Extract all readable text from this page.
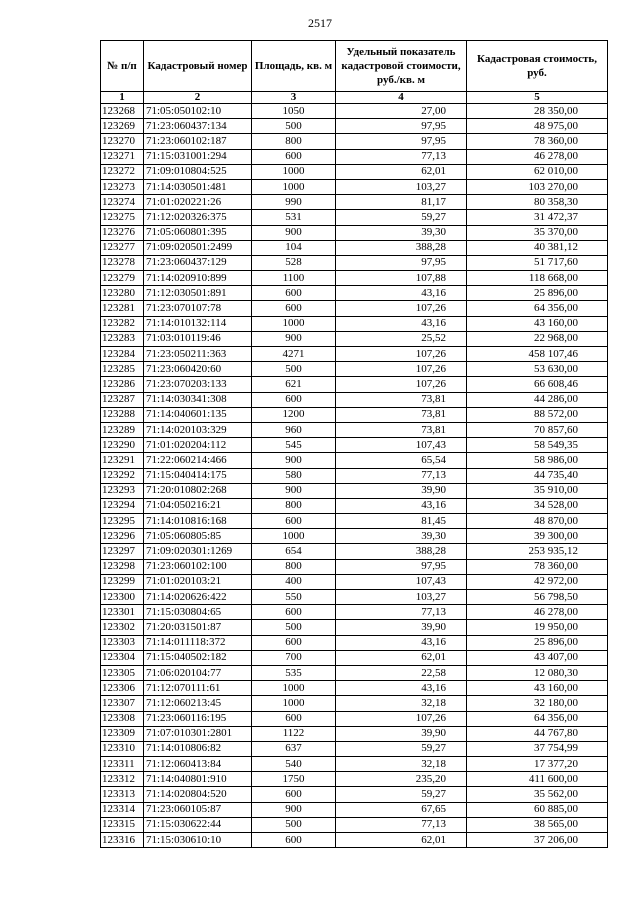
2517
№ п/п	Кадастровый номер	Площадь, кв. м	Удельный показатель кадастровой стоимости, руб./кв. м	Кадастровая стоимость, руб.
1	2	3	4	5
123268	71:05:050102:10	1050	27,00	28 350,00
123269	71:23:060437:134	500	97,95	48 975,00
123270	71:23:060102:187	800	97,95	78 360,00
123271	71:15:031001:294	600	77,13	46 278,00
123272	71:09:010804:525	1000	62,01	62 010,00
123273	71:14:030501:481	1000	103,27	103 270,00
123274	71:01:020221:26	990	81,17	80 358,30
123275	71:12:020326:375	531	59,27	31 472,37
123276	71:05:060801:395	900	39,30	35 370,00
123277	71:09:020501:2499	104	388,28	40 381,12
123278	71:23:060437:129	528	97,95	51 717,60
123279	71:14:020910:899	1100	107,88	118 668,00
123280	71:12:030501:891	600	43,16	25 896,00
123281	71:23:070107:78	600	107,26	64 356,00
123282	71:14:010132:114	1000	43,16	43 160,00
123283	71:03:010119:46	900	25,52	22 968,00
123284	71:23:050211:363	4271	107,26	458 107,46
123285	71:23:060420:60	500	107,26	53 630,00
123286	71:23:070203:133	621	107,26	66 608,46
123287	71:14:030341:308	600	73,81	44 286,00
123288	71:14:040601:135	1200	73,81	88 572,00
123289	71:14:020103:329	960	73,81	70 857,60
123290	71:01:020204:112	545	107,43	58 549,35
123291	71:22:060214:466	900	65,54	58 986,00
123292	71:15:040414:175	580	77,13	44 735,40
123293	71:20:010802:268	900	39,90	35 910,00
123294	71:04:050216:21	800	43,16	34 528,00
123295	71:14:010816:168	600	81,45	48 870,00
123296	71:05:060805:85	1000	39,30	39 300,00
123297	71:09:020301:1269	654	388,28	253 935,12
123298	71:23:060102:100	800	97,95	78 360,00
123299	71:01:020103:21	400	107,43	42 972,00
123300	71:14:020626:422	550	103,27	56 798,50
123301	71:15:030804:65	600	77,13	46 278,00
123302	71:20:031501:87	500	39,90	19 950,00
123303	71:14:011118:372	600	43,16	25 896,00
123304	71:15:040502:182	700	62,01	43 407,00
123305	71:06:020104:77	535	22,58	12 080,30
123306	71:12:070111:61	1000	43,16	43 160,00
123307	71:12:060213:45	1000	32,18	32 180,00
123308	71:23:060116:195	600	107,26	64 356,00
123309	71:07:010301:2801	1122	39,90	44 767,80
123310	71:14:010806:82	637	59,27	37 754,99
123311	71:12:060413:84	540	32,18	17 377,20
123312	71:14:040801:910	1750	235,20	411 600,00
123313	71:14:020804:520	600	59,27	35 562,00
123314	71:23:060105:87	900	67,65	60 885,00
123315	71:15:030622:44	500	77,13	38 565,00
123316	71:15:030610:10	600	62,01	37 206,00
